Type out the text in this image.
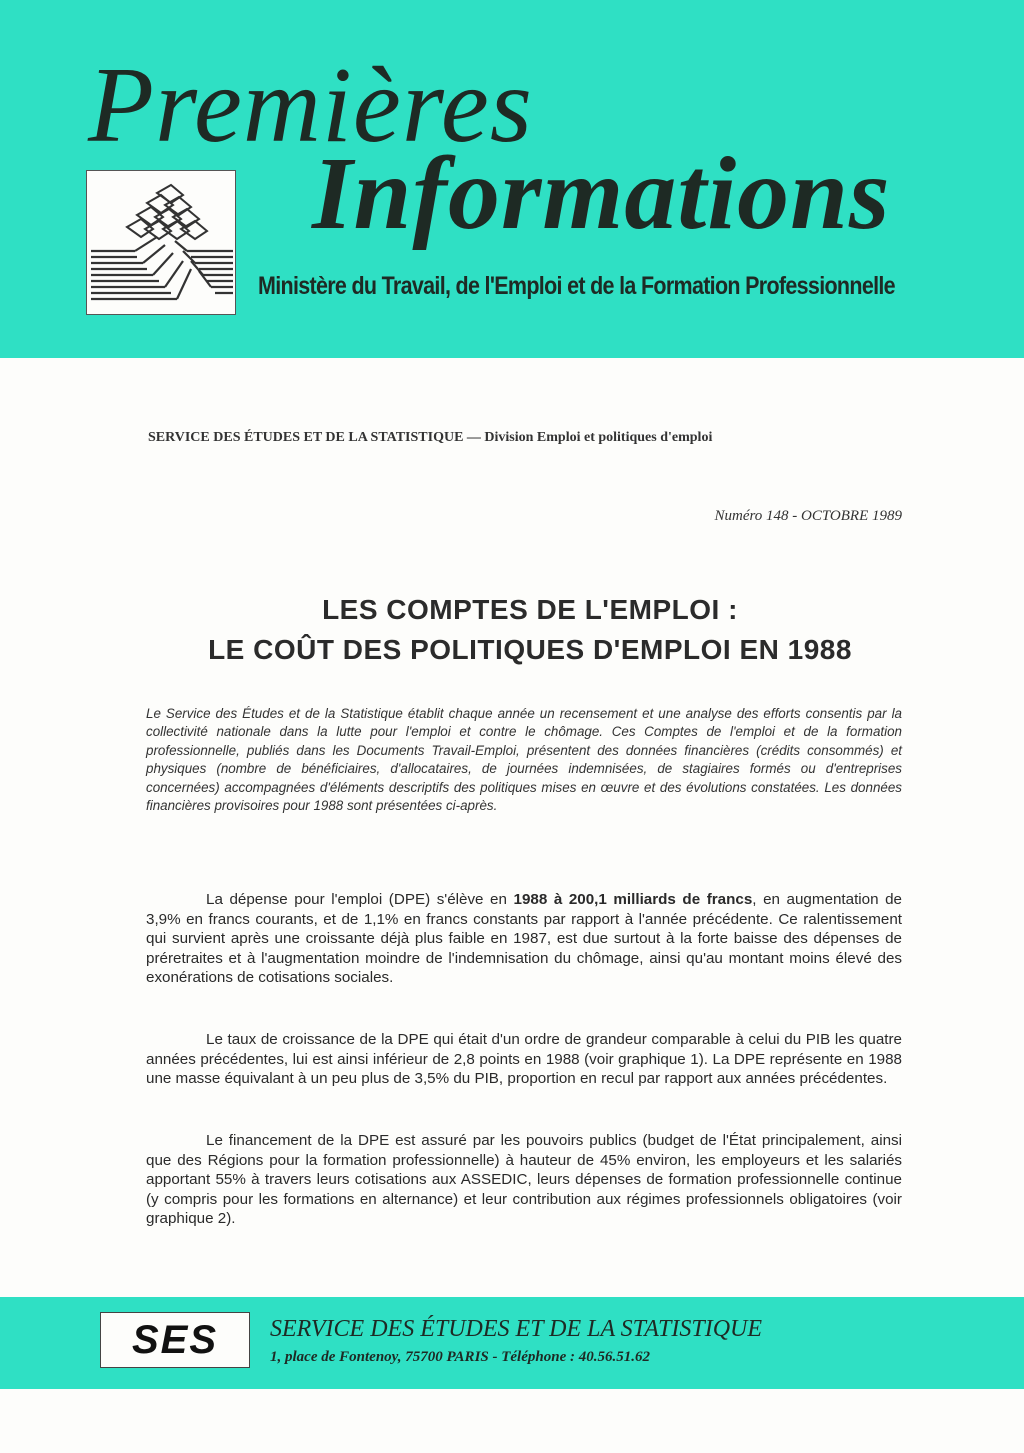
Premières
Informations
Ministère du Travail, de l'Emploi et de la Formation Professionnelle
SERVICE DES ÉTUDES ET DE LA STATISTIQUE — Division Emploi et politiques d'emploi
Numéro 148 - OCTOBRE 1989
LES COMPTES DE L'EMPLOI :
LE COÛT DES POLITIQUES D'EMPLOI EN 1988

Le Service des Études et de la Statistique établit chaque année un recensement et une analyse des efforts consentis par la collectivité nationale dans la lutte pour l'emploi et contre le chômage. Ces Comptes de l'emploi et de la formation professionnelle, publiés dans les Documents Travail-Emploi, présentent des données financières (crédits consommés) et physiques (nombre de bénéficiaires, d'allocataires, de journées indemnisées, de stagiaires formés ou d'entreprises concernées) accompagnées d'éléments descriptifs des politiques mises en œuvre et des évolutions constatées. Les données financières provisoires pour 1988 sont présentées ci-après.

La dépense pour l'emploi (DPE) s'élève en 1988 à 200,1 milliards de francs, en augmentation de 3,9% en francs courants, et de 1,1% en francs constants par rapport à l'année précédente. Ce ralentissement qui survient après une croissante déjà plus faible en 1987, est due surtout à la forte baisse des dépenses de préretraites et à l'augmentation moindre de l'indemnisation du chômage, ainsi qu'au montant moins élevé des exonérations de cotisations sociales.

Le taux de croissance de la DPE qui était d'un ordre de grandeur comparable à celui du PIB les quatre années précédentes, lui est ainsi inférieur de 2,8 points en 1988 (voir graphique 1). La DPE représente en 1988 une masse équivalant à un peu plus de 3,5% du PIB, proportion en recul par rapport aux années précédentes.

Le financement de la DPE est assuré par les pouvoirs publics (budget de l'État principalement, ainsi que des Régions pour la formation professionnelle) à hauteur de 45% environ, les employeurs et les salariés apportant 55% à travers leurs cotisations aux ASSEDIC, leurs dépenses de formation professionnelle continue (y compris pour les formations en alternance) et leur contribution aux régimes professionnels obligatoires (voir graphique 2).

SES SERVICE DES ÉTUDES ET DE LA STATISTIQUE
1, place de Fontenoy, 75700 PARIS - Téléphone : 40.56.51.62
